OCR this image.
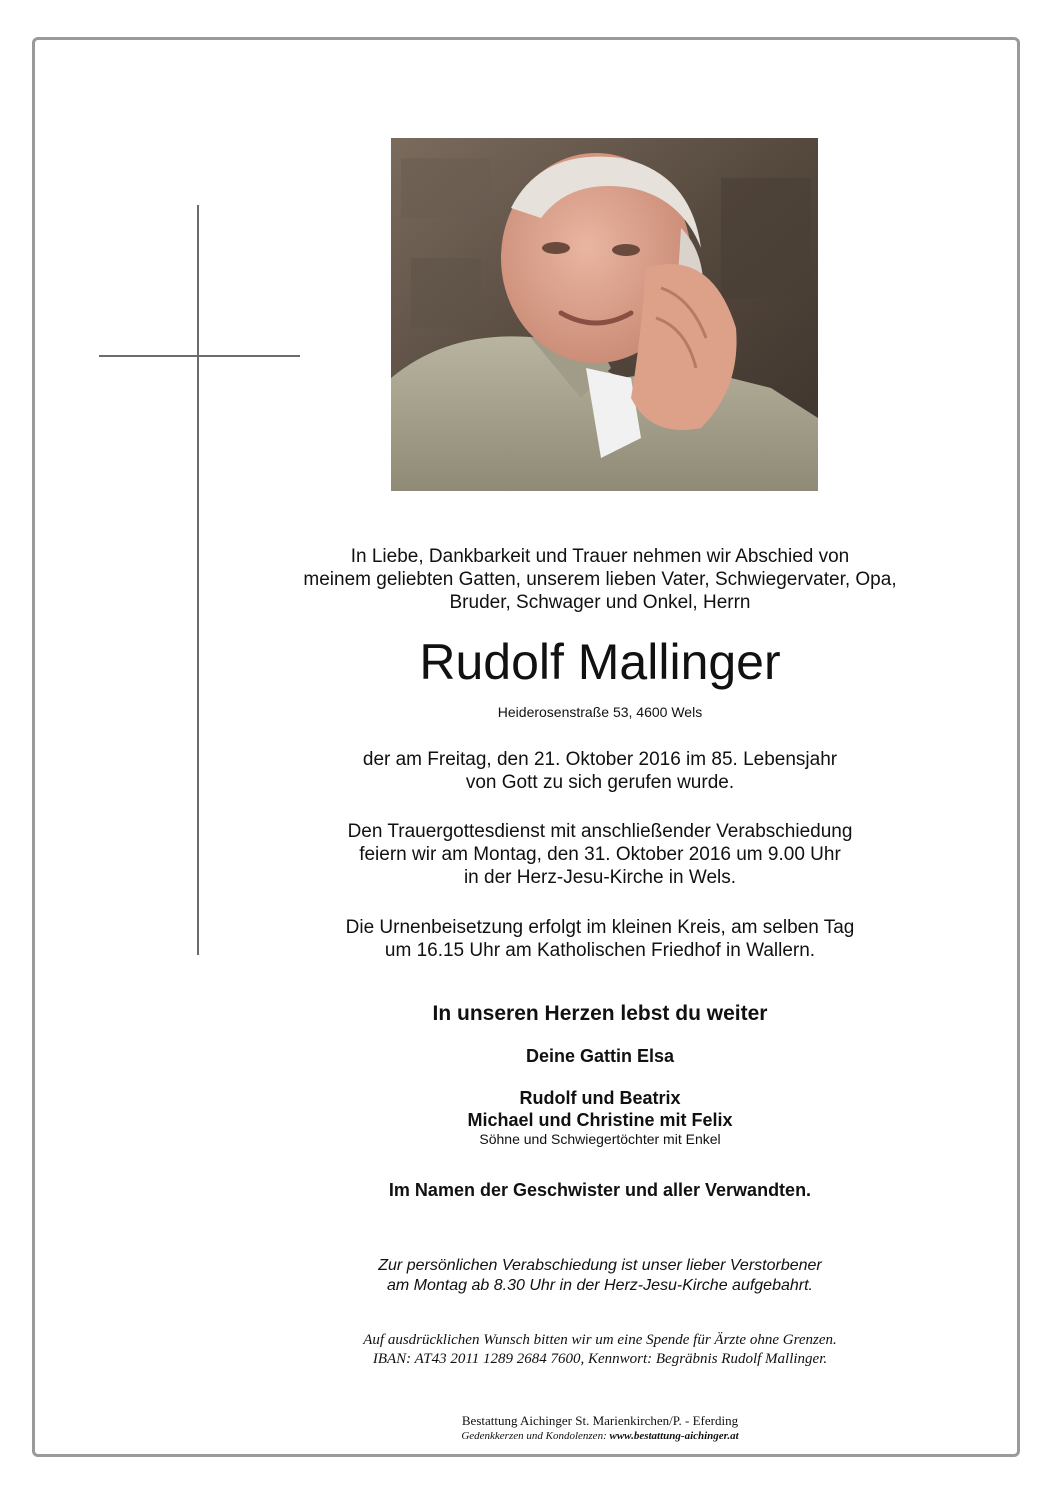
In Liebe, Dankbarkeit und Trauer nehmen wir Abschied von
meinem geliebten Gatten, unserem lieben Vater, Schwiegervater, Opa,
Bruder, Schwager und Onkel, Herrn
Rudolf Mallinger
Heiderosenstraße 53, 4600 Wels
der am Freitag, den 21. Oktober 2016 im 85. Lebensjahr
von Gott zu sich gerufen wurde.
Den Trauergottesdienst mit anschließender Verabschiedung
feiern wir am Montag, den 31. Oktober 2016 um 9.00 Uhr
in der Herz-Jesu-Kirche in Wels.
Die Urnenbeisetzung erfolgt im kleinen Kreis, am selben Tag
um 16.15 Uhr am Katholischen Friedhof in Wallern.
In unseren Herzen lebst du weiter
Deine Gattin Elsa
Rudolf und Beatrix
Michael und Christine mit Felix
Söhne und Schwiegertöchter mit Enkel
Im Namen der Geschwister und aller Verwandten.
Zur persönlichen Verabschiedung ist unser lieber Verstorbener
am Montag ab 8.30 Uhr in der Herz-Jesu-Kirche aufgebahrt.
Auf ausdrücklichen Wunsch bitten wir um eine Spende für Ärzte ohne Grenzen.
IBAN: AT43 2011 1289 2684 7600, Kennwort: Begräbnis Rudolf Mallinger.
Bestattung Aichinger St. Marienkirchen/P. - Eferding
Gedenkkerzen und Kondolenzen: www.bestattung-aichinger.at
